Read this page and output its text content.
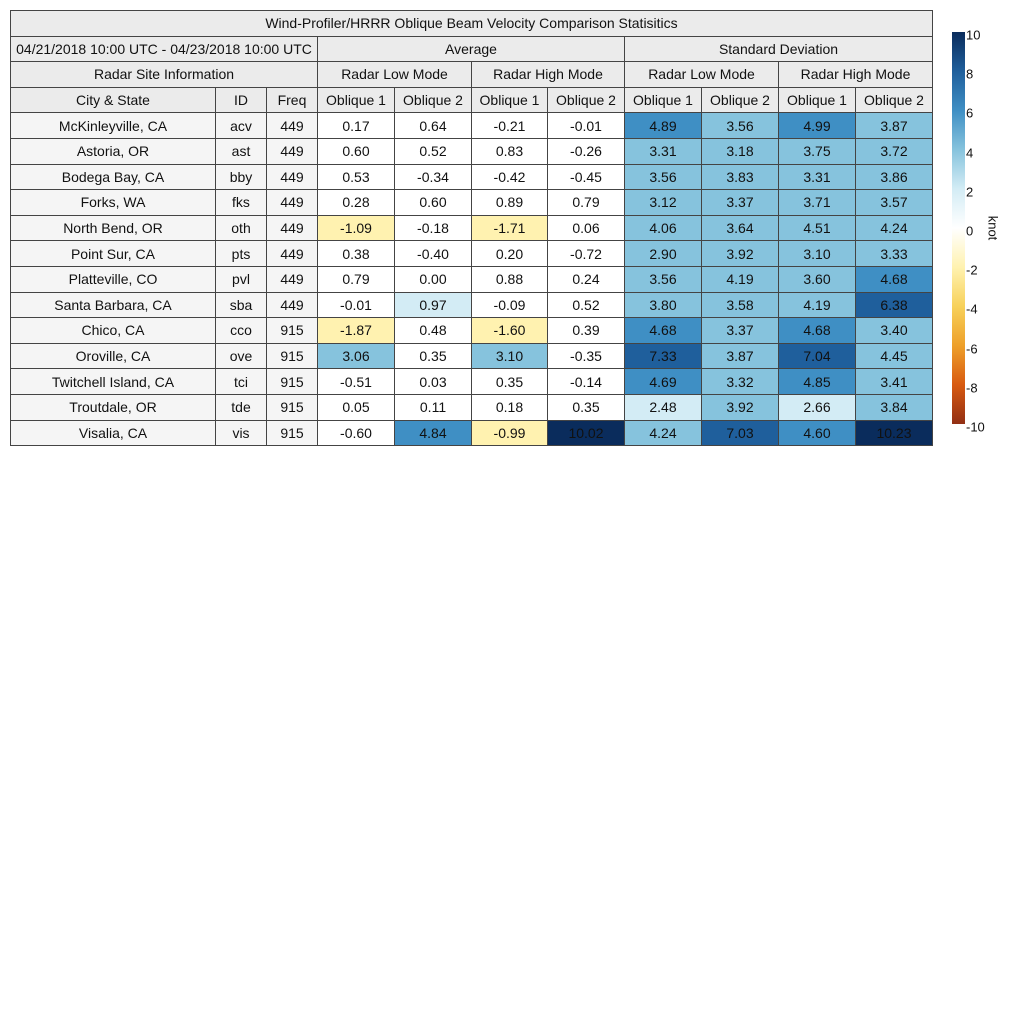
Wind-Profiler/HRRR Oblique Beam Velocity Comparison Statisitics
04/21/2018 10:00 UTC - 04/23/2018 10:00 UTC	Average	Standard Deviation
Radar Site Information	Radar Low Mode	Radar High Mode	Radar Low Mode	Radar High Mode
City & State	ID	Freq	Oblique 1	Oblique 2	Oblique 1	Oblique 2	Oblique 1	Oblique 2	Oblique 1	Oblique 2
McKinleyville, CA	acv	449	0.17	0.64	-0.21	-0.01	4.89	3.56	4.99	3.87
Astoria, OR	ast	449	0.60	0.52	0.83	-0.26	3.31	3.18	3.75	3.72
Bodega Bay, CA	bby	449	0.53	-0.34	-0.42	-0.45	3.56	3.83	3.31	3.86
Forks, WA	fks	449	0.28	0.60	0.89	0.79	3.12	3.37	3.71	3.57
North Bend, OR	oth	449	-1.09	-0.18	-1.71	0.06	4.06	3.64	4.51	4.24
Point Sur, CA	pts	449	0.38	-0.40	0.20	-0.72	2.90	3.92	3.10	3.33
Platteville, CO	pvl	449	0.79	0.00	0.88	0.24	3.56	4.19	3.60	4.68
Santa Barbara, CA	sba	449	-0.01	0.97	-0.09	0.52	3.80	3.58	4.19	6.38
Chico, CA	cco	915	-1.87	0.48	-1.60	0.39	4.68	3.37	4.68	3.40
Oroville, CA	ove	915	3.06	0.35	3.10	-0.35	7.33	3.87	7.04	4.45
Twitchell Island, CA	tci	915	-0.51	0.03	0.35	-0.14	4.69	3.32	4.85	3.41
Troutdale, OR	tde	915	0.05	0.11	0.18	0.35	2.48	3.92	2.66	3.84
Visalia, CA	vis	915	-0.60	4.84	-0.99	10.02	4.24	7.03	4.60	10.23
10
8
6
4
2
0
-2
-4
-6
-8
-10
knot
